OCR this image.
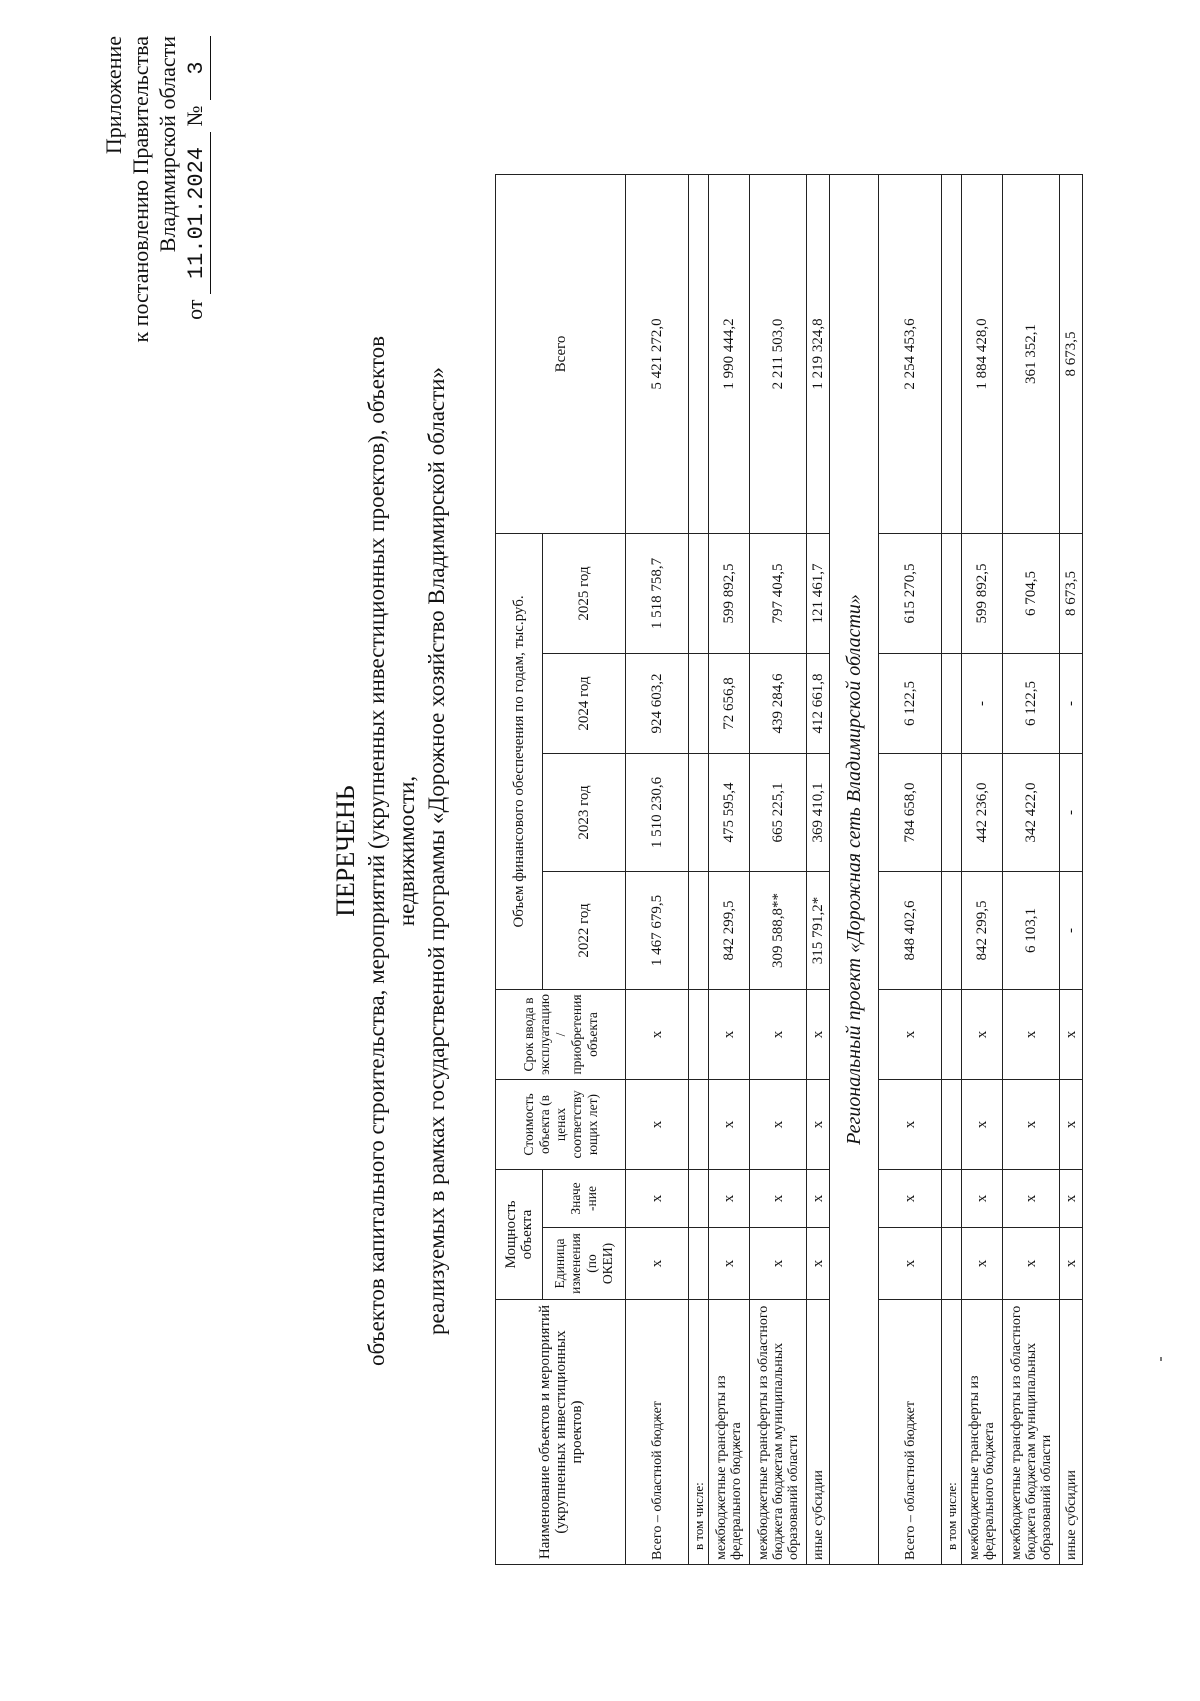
Приложение к постановлению Правительства Владимирской области
от 11.01.2024 № 3
ПЕРЕЧЕНЬ объектов капитального строительства, мероприятий (укрупненных инвестиционных проектов), объектов недвижимости, реализуемых в рамках государственной программы «Дорожное хозяйство Владимирской области»
Наименование объектов и мероприятий (укрупненных инвестиционных проектов)	Мощность объекта		Стоимость объекта (в ценах соответству ющих лет)	Срок ввода в эксплуатацию / приобретения объекта	Объем финансового обеспечения по годам, тыс.руб.				Всего
	Единица изменения (по ОКЕИ)	Значе -ние			2022 год	2023 год	2024 год	2025 год	
Всего – областной бюджет	х	х	х	х	1 467 679,5	1 510 230,6	924 603,2	1 518 758,7	5 421 272,0
в том числе:									
межбюджетные трансферты из федерального бюджета	х	х	х	х	842 299,5	475 595,4	72 656,8	599 892,5	1 990 444,2
межбюджетные трансферты из областного бюджета бюджетам муниципальных образований области	х	х	х	х	309 588,8**	665 225,1	439 284,6	797 404,5	2 211 503,0
иные субсидии	х	х	х	х	315 791,2*	369 410,1	412 661,8	121 461,7	1 219 324,8
Региональный проект «Дорожная сеть Владимирской области»									
Всего – областной бюджет	х	х	х	х	848 402,6	784 658,0	6 122,5	615 270,5	2 254 453,6
в том числе:									
межбюджетные трансферты из федерального бюджета	х	х	х	х	842 299,5	442 236,0	-	599 892,5	1 884 428,0
межбюджетные трансферты из областного бюджета бюджетам муниципальных образований области	х	х	х	х	6 103,1	342 422,0	6 122,5	6 704,5	361 352,1
иные субсидии	х	х	х	х	-	-	-	8 673,5	8 673,5
